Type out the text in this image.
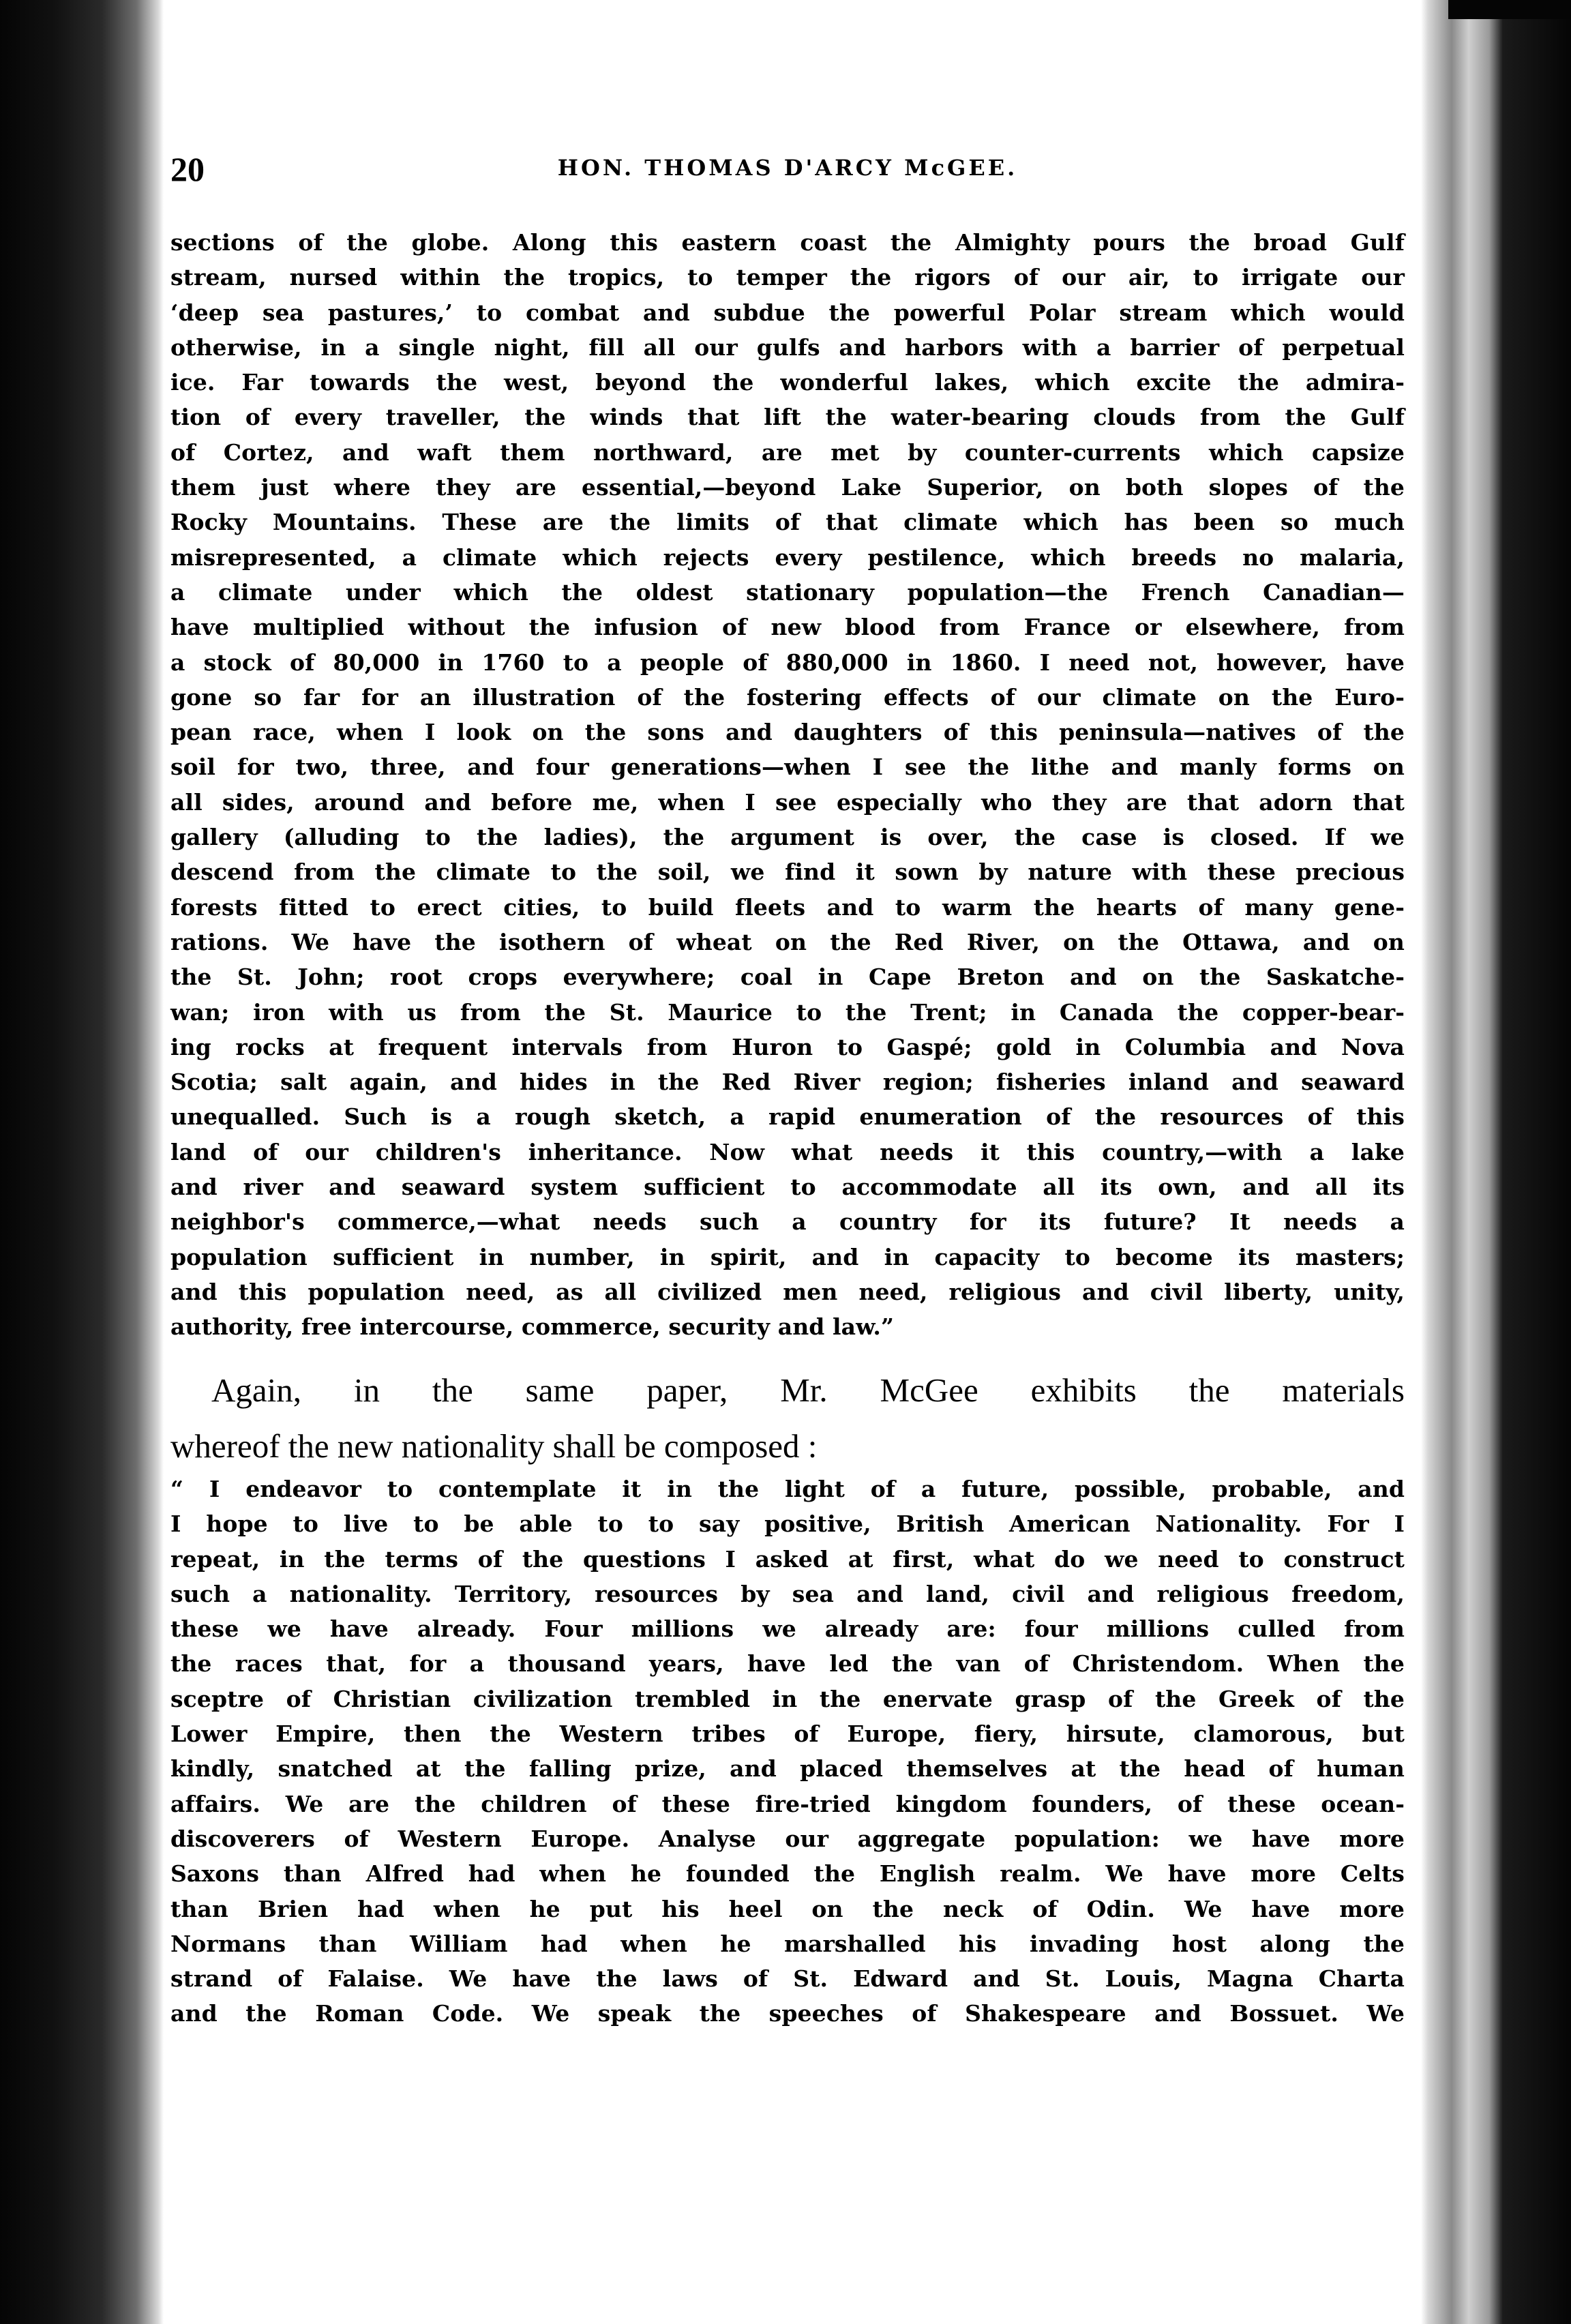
20	HON. THOMAS D'ARCY McGEE.

sections of the globe. Along this eastern coast the Almighty pours the broad Gulf
stream, nursed within the tropics, to temper the rigors of our air, to irrigate our
‘deep sea pastures,’ to combat and subdue the powerful Polar stream which would
otherwise, in a single night, fill all our gulfs and harbors with a barrier of perpetual
ice. Far towards the west, beyond the wonderful lakes, which excite the admira-
tion of every traveller, the winds that lift the water-bearing clouds from the Gulf
of Cortez, and waft them northward, are met by counter-currents which capsize
them just where they are essential,—beyond Lake Superior, on both slopes of the
Rocky Mountains. These are the limits of that climate which has been so much
misrepresented, a climate which rejects every pestilence, which breeds no malaria,
a climate under which the oldest stationary population—the French Canadian—
have multiplied without the infusion of new blood from France or elsewhere, from
a stock of 80,000 in 1760 to a people of 880,000 in 1860. I need not, however, have
gone so far for an illustration of the fostering effects of our climate on the Euro-
pean race, when I look on the sons and daughters of this peninsula—natives of the
soil for two, three, and four generations—when I see the lithe and manly forms on
all sides, around and before me, when I see especially who they are that adorn that
gallery (alluding to the ladies), the argument is over, the case is closed. If we
descend from the climate to the soil, we find it sown by nature with these precious
forests fitted to erect cities, to build fleets and to warm the hearts of many gene-
rations. We have the isothern of wheat on the Red River, on the Ottawa, and on
the St. John; root crops everywhere; coal in Cape Breton and on the Saskatche-
wan; iron with us from the St. Maurice to the Trent; in Canada the copper-bear-
ing rocks at frequent intervals from Huron to Gaspé; gold in Columbia and Nova
Scotia; salt again, and hides in the Red River region; fisheries inland and seaward
unequalled. Such is a rough sketch, a rapid enumeration of the resources of this
land of our children's inheritance. Now what needs it this country,—with a lake
and river and seaward system sufficient to accommodate all its own, and all its
neighbor's commerce,—what needs such a country for its future? It needs a
population sufficient in number, in spirit, and in capacity to become its masters;
and this population need, as all civilized men need, religious and civil liberty, unity,
authority, free intercourse, commerce, security and law.”

Again, in the same paper, Mr. McGee exhibits the materials
whereof the new nationality shall be composed :

“ I endeavor to contemplate it in the light of a future, possible, probable, and
I hope to live to be able to to say positive, British American Nationality. For I
repeat, in the terms of the questions I asked at first, what do we need to construct
such a nationality. Territory, resources by sea and land, civil and religious freedom,
these we have already. Four millions we already are: four millions culled from
the races that, for a thousand years, have led the van of Christendom. When the
sceptre of Christian civilization trembled in the enervate grasp of the Greek of the
Lower Empire, then the Western tribes of Europe, fiery, hirsute, clamorous, but
kindly, snatched at the falling prize, and placed themselves at the head of human
affairs. We are the children of these fire-tried kingdom founders, of these ocean-
discoverers of Western Europe. Analyse our aggregate population: we have more
Saxons than Alfred had when he founded the English realm. We have more Celts
than Brien had when he put his heel on the neck of Odin. We have more
Normans than William had when he marshalled his invading host along the
strand of Falaise. We have the laws of St. Edward and St. Louis, Magna Charta
and the Roman Code. We speak the speeches of Shakespeare and Bossuet. We
